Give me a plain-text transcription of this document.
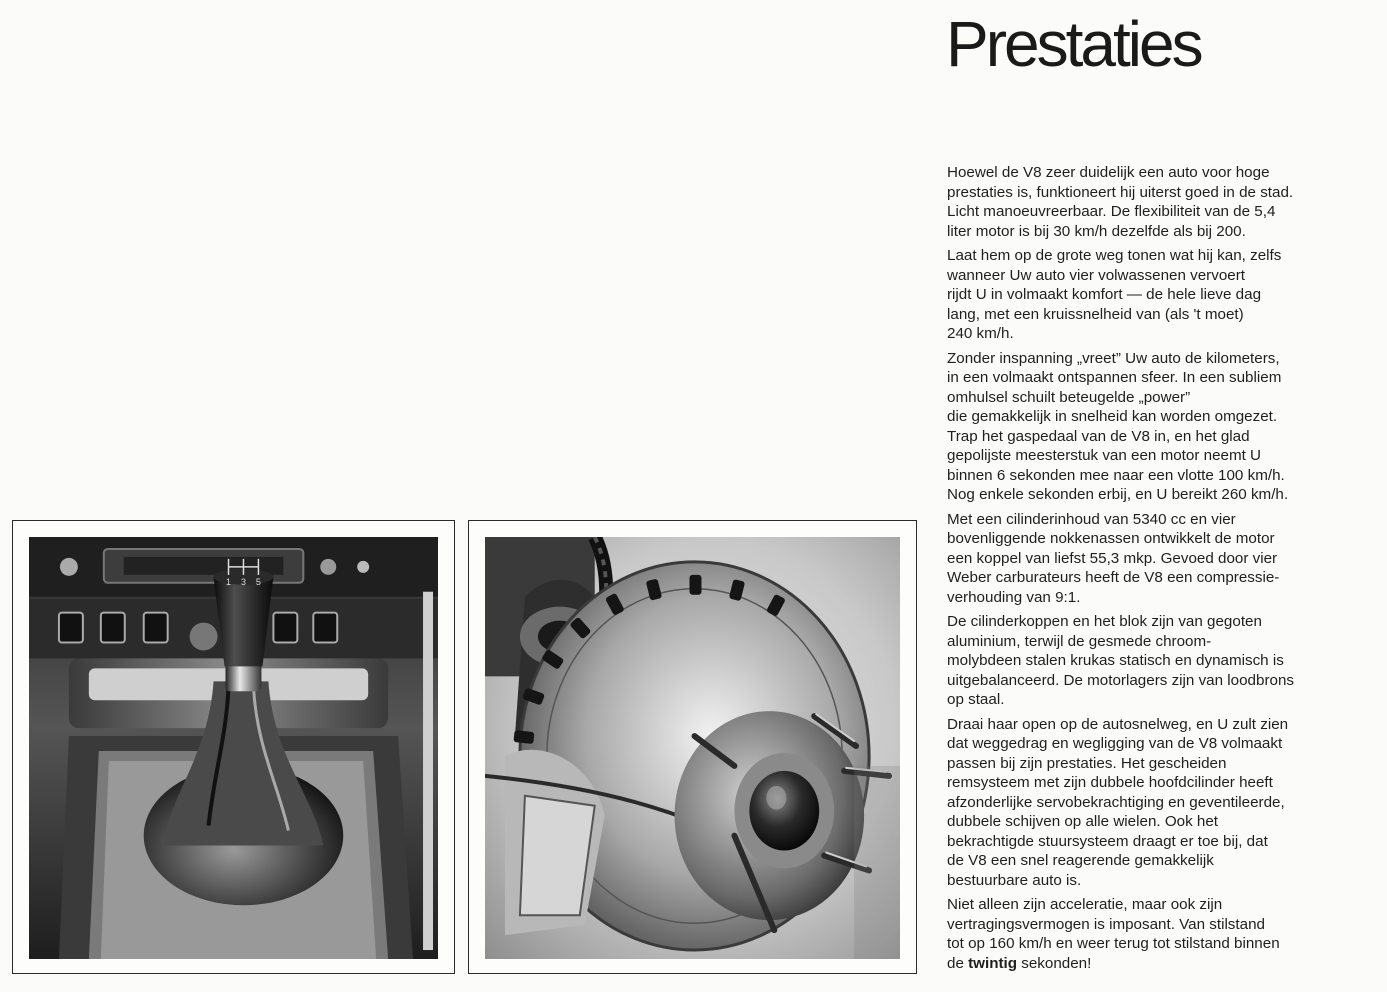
Prestaties

Hoewel de V8 zeer duidelijk een auto voor hoge
prestaties is, funktioneert hij uiterst goed in de stad.
Licht manoeuvreerbaar. De flexibiliteit van de 5,4
liter motor is bij 30 km/h dezelfde als bij 200.

Laat hem op de grote weg tonen wat hij kan, zelfs
wanneer Uw auto vier volwassenen vervoert
rijdt U in volmaakt komfort — de hele lieve dag
lang, met een kruissnelheid van (als 't moet)
240 km/h.

Zonder inspanning „vreet” Uw auto de kilometers,
in een volmaakt ontspannen sfeer. In een subliem
omhulsel schuilt beteugelde „power”
die gemakkelijk in snelheid kan worden omgezet.
Trap het gaspedaal van de V8 in, en het glad
gepolijste meesterstuk van een motor neemt U
binnen 6 sekonden mee naar een vlotte 100 km/h.
Nog enkele sekonden erbij, en U bereikt 260 km/h.

Met een cilinderinhoud van 5340 cc en vier
bovenliggende nokkenassen ontwikkelt de motor
een koppel van liefst 55,3 mkp. Gevoed door vier
Weber carburateurs heeft de V8 een compressie-
verhouding van 9:1.

De cilinderkoppen en het blok zijn van gegoten
aluminium, terwijl de gesmede chroom-
molybdeen stalen krukas statisch en dynamisch is
uitgebalanceerd. De motorlagers zijn van loodbrons
op staal.

Draai haar open op de autosnelweg, en U zult zien
dat weggedrag en wegligging van de V8 volmaakt
passen bij zijn prestaties. Het gescheiden
remsysteem met zijn dubbele hoofdcilinder heeft
afzonderlijke servobekrachtiging en geventileerde,
dubbele schijven op alle wielen. Ook het
bekrachtigde stuursysteem draagt er toe bij, dat
de V8 een snel reagerende gemakkelijk
bestuurbare auto is.

Niet alleen zijn acceleratie, maar ook zijn
vertragingsvermogen is imposant. Van stilstand
tot op 160 km/h en weer terug tot stilstand binnen
de twintig sekonden!

1 3 5
